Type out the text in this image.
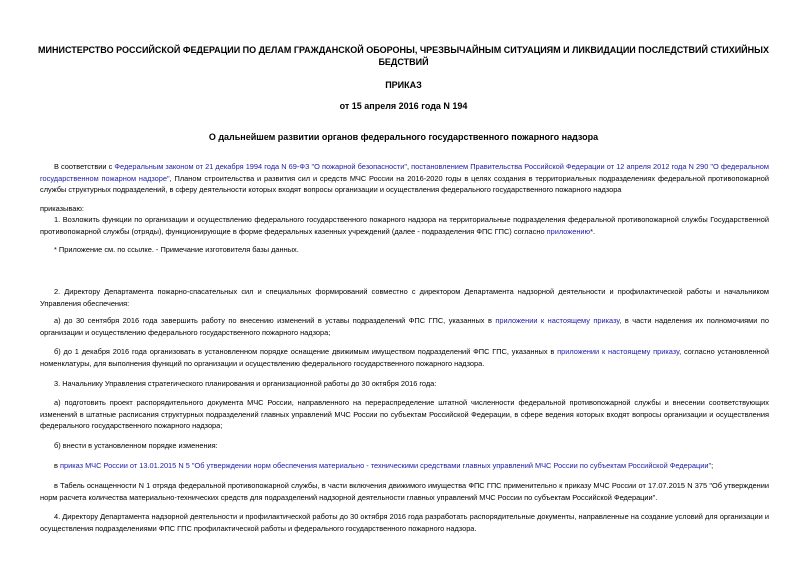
МИНИСТЕРСТВО РОССИЙСКОЙ ФЕДЕРАЦИИ ПО ДЕЛАМ ГРАЖДАНСКОЙ ОБОРОНЫ, ЧРЕЗВЫЧАЙНЫМ СИТУАЦИЯМ И ЛИКВИДАЦИИ ПОСЛЕДСТВИЙ СТИХИЙНЫХ БЕДСТВИЙ

ПРИКАЗ

от 15 апреля 2016 года N 194

О дальнейшем развитии органов федерального государственного пожарного надзора

В соответствии с Федеральным законом от 21 декабря 1994 года N 69-ФЗ "О пожарной безопасности", постановлением Правительства Российской Федерации от 12 апреля 2012 года N 290 "О федеральном государственном пожарном надзоре", Планом строительства и развития сил и средств МЧС России на 2016-2020 годы в целях создания в территориальных подразделениях федеральной противопожарной службы структурных подразделений, в сферу деятельности которых входят вопросы организации и осуществления федерального государственного пожарного надзора

приказываю:

1. Возложить функции по организации и осуществлению федерального государственного пожарного надзора на территориальные подразделения федеральной противопожарной службы Государственной противопожарной службы (отряды), функционирующие в форме федеральных казенных учреждений (далее - подразделения ФПС ГПС) согласно приложению*.

* Приложение см. по ссылке. - Примечание изготовителя базы данных.

2. Директору Департамента пожарно-спасательных сил и специальных формирований совместно с директором Департамента надзорной деятельности и профилактической работы и начальником Управления обеспечения:

а) до 30 сентября 2016 года завершить работу по внесению изменений в уставы подразделений ФПС ГПС, указанных в приложении к настоящему приказу, в части наделения их полномочиями по организации и осуществлению федерального государственного пожарного надзора;

б) до 1 декабря 2016 года организовать в установленном порядке оснащение движимым имуществом подразделений ФПС ГПС, указанных в приложении к настоящему приказу, согласно установленной номенклатуры, для выполнения функций по организации и осуществлению федерального государственного пожарного надзора.

3. Начальнику Управления стратегического планирования и организационной работы до 30 октября 2016 года:

а) подготовить проект распорядительного документа МЧС России, направленного на перераспределение штатной численности федеральной противопожарной службы и внесении соответствующих изменений в штатные расписания структурных подразделений главных управлений МЧС России по субъектам Российской Федерации, в сфере ведения которых входят вопросы организации и осуществления федерального государственного пожарного надзора;

б) внести в установленном порядке изменения:

в приказ МЧС России от 13.01.2015 N 5 "Об утверждении норм обеспечения материально - техническими средствами главных управлений МЧС России по субъектам Российской Федерации";

в Табель оснащенности N 1 отряда федеральной противопожарной службы, в части включения движимого имущества ФПС ГПС применительно к приказу МЧС России от 17.07.2015 N 375 "Об утверждении норм расчета количества материально-технических средств для подразделений надзорной деятельности главных управлений МЧС России по субъектам Российской Федерации".

4. Директору Департамента надзорной деятельности и профилактической работы до 30 октября 2016 года разработать распорядительные документы, направленные на создание условий для организации и осуществления подразделениями ФПС ГПС профилактической работы и федерального государственного пожарного надзора.
